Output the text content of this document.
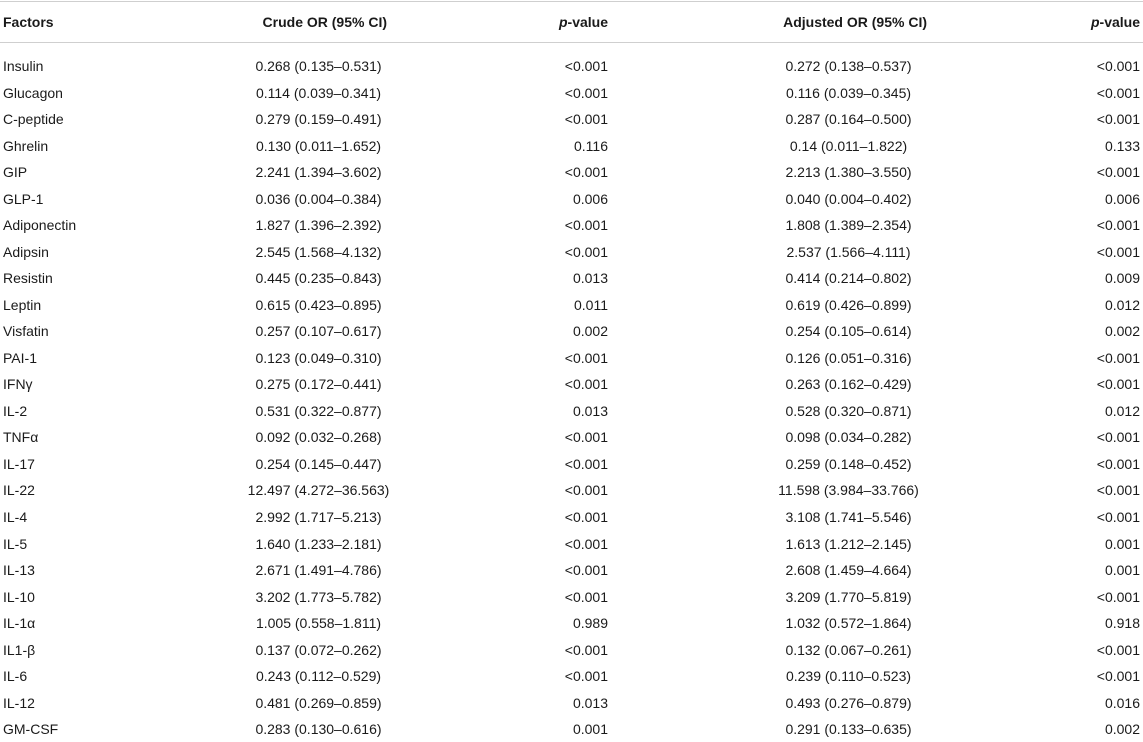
Factors	Crude OR (95% CI)	p -value	Adjusted OR (95% CI)	p -value
Insulin	0.268 (0.135–0.531)	<0.001	0.272 (0.138–0.537)	<0.001
Glucagon	0.114 (0.039–0.341)	<0.001	0.116 (0.039–0.345)	<0.001
C-peptide	0.279 (0.159–0.491)	<0.001	0.287 (0.164–0.500)	<0.001
Ghrelin	0.130 (0.011–1.652)	0.116	0.14 (0.011–1.822)	0.133
GIP	2.241 (1.394–3.602)	<0.001	2.213 (1.380–3.550)	<0.001
GLP-1	0.036 (0.004–0.384)	0.006	0.040 (0.004–0.402)	0.006
Adiponectin	1.827 (1.396–2.392)	<0.001	1.808 (1.389–2.354)	<0.001
Adipsin	2.545 (1.568–4.132)	<0.001	2.537 (1.566–4.111)	<0.001
Resistin	0.445 (0.235–0.843)	0.013	0.414 (0.214–0.802)	0.009
Leptin	0.615 (0.423–0.895)	0.011	0.619 (0.426–0.899)	0.012
Visfatin	0.257 (0.107–0.617)	0.002	0.254 (0.105–0.614)	0.002
PAI-1	0.123 (0.049–0.310)	<0.001	0.126 (0.051–0.316)	<0.001
IFNγ	0.275 (0.172–0.441)	<0.001	0.263 (0.162–0.429)	<0.001
IL-2	0.531 (0.322–0.877)	0.013	0.528 (0.320–0.871)	0.012
TNFα	0.092 (0.032–0.268)	<0.001	0.098 (0.034–0.282)	<0.001
IL-17	0.254 (0.145–0.447)	<0.001	0.259 (0.148–0.452)	<0.001
IL-22	12.497 (4.272–36.563)	<0.001	11.598 (3.984–33.766)	<0.001
IL-4	2.992 (1.717–5.213)	<0.001	3.108 (1.741–5.546)	<0.001
IL-5	1.640 (1.233–2.181)	<0.001	1.613 (1.212–2.145)	0.001
IL-13	2.671 (1.491–4.786)	<0.001	2.608 (1.459–4.664)	0.001
IL-10	3.202 (1.773–5.782)	<0.001	3.209 (1.770–5.819)	<0.001
IL-1α	1.005 (0.558–1.811)	0.989	1.032 (0.572–1.864)	0.918
IL1-β	0.137 (0.072–0.262)	<0.001	0.132 (0.067–0.261)	<0.001
IL-6	0.243 (0.112–0.529)	<0.001	0.239 (0.110–0.523)	<0.001
IL-12	0.481 (0.269–0.859)	0.013	0.493 (0.276–0.879)	0.016
GM-CSF	0.283 (0.130–0.616)	0.001	0.291 (0.133–0.635)	0.002
